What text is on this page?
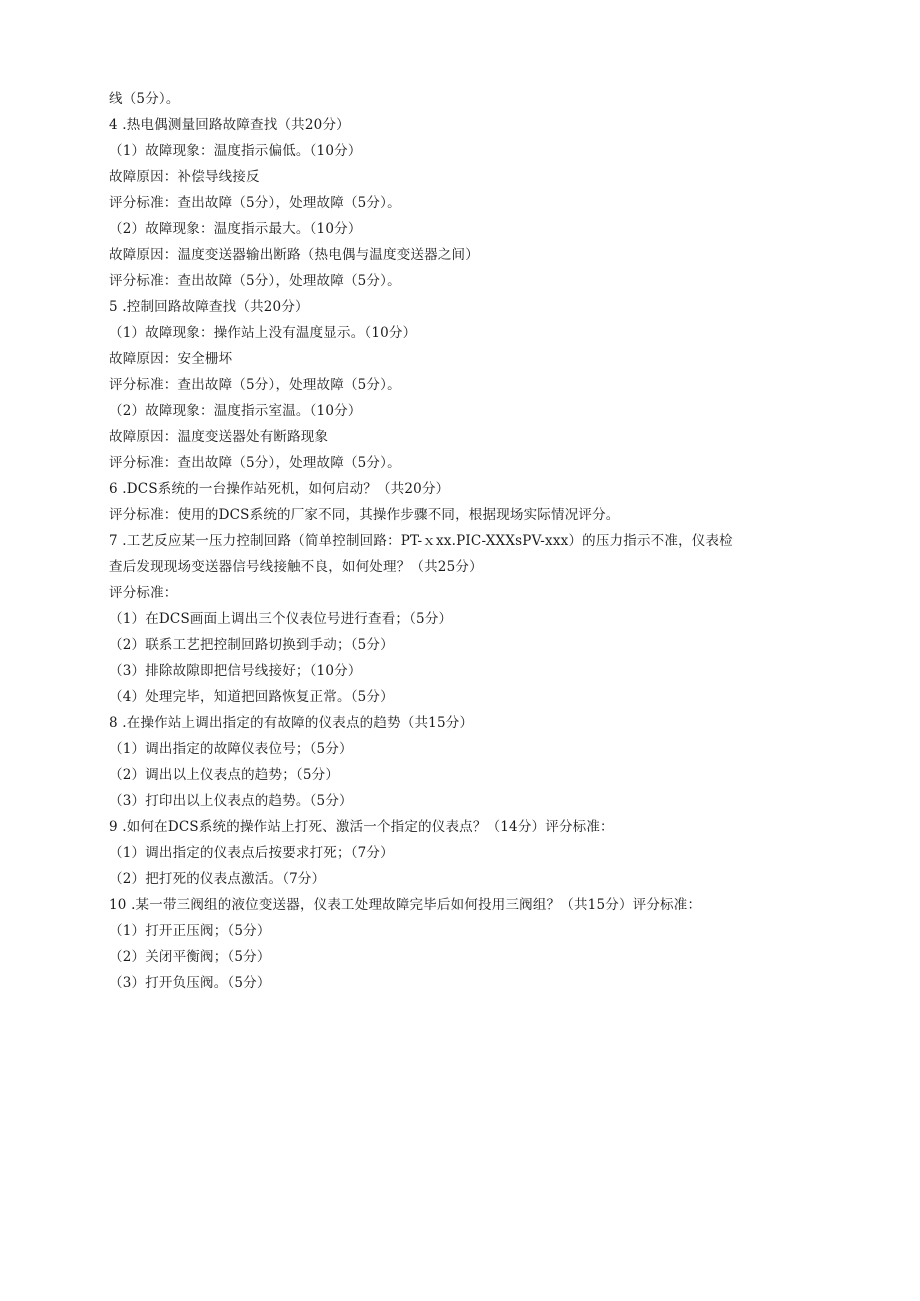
线（5分）。
4 .热电偶测量回路故障查找（共20分）
（1）故障现象：温度指示偏低。（10分）
故障原因：补偿导线接反
评分标准：查出故障（5分），处理故障（5分）。
（2）故障现象：温度指示最大。（10分）
故障原因：温度变送器输出断路（热电偶与温度变送器之间）
评分标准：查出故障（5分），处理故障（5分）。
5 .控制回路故障查找（共20分）
（1）故障现象：操作站上没有温度显示。（10分）
故障原因：安全栅坏
评分标准：查出故障（5分），处理故障（5分）。
（2）故障现象：温度指示室温。（10分）
故障原因：温度变送器处有断路现象
评分标准：查出故障（5分），处理故障（5分）。
6 .DCS系统的一台操作站死机，如何启动？（共20分）
评分标准：使用的DCS系统的厂家不同，其操作步骤不同，根据现场实际情况评分。
7 .工艺反应某一压力控制回路（简单控制回路：PT-ｘxx.PIC-XXXsPV-xxx）的压力指示不准，仪表检
查后发现现场变送器信号线接触不良，如何处理？（共25分）
评分标准：
（1）在DCS画面上调出三个仪表位号进行查看；（5分）
（2）联系工艺把控制回路切换到手动；（5分）
（3）排除故隙即把信号线接好；（10分）
（4）处理完毕，知道把回路恢复正常。（5分）
8 .在操作站上调出指定的有故障的仪表点的趋势（共15分）
（1）调出指定的故障仪表位号；（5分）
（2）调出以上仪表点的趋势；（5分）
（3）打印出以上仪表点的趋势。（5分）
9 .如何在DCS系统的操作站上打死、激活一个指定的仪表点？（14分）评分标准：
（1）调出指定的仪表点后按要求打死；（7分）
（2）把打死的仪表点激活。（7分）
10 .某一带三阀组的液位变送器，仪表工处理故障完毕后如何投用三阀组？（共15分）评分标准：
（1）打开正压阀；（5分）
（2）关闭平衡阀；（5分）
（3）打开负压阀。（5分）
